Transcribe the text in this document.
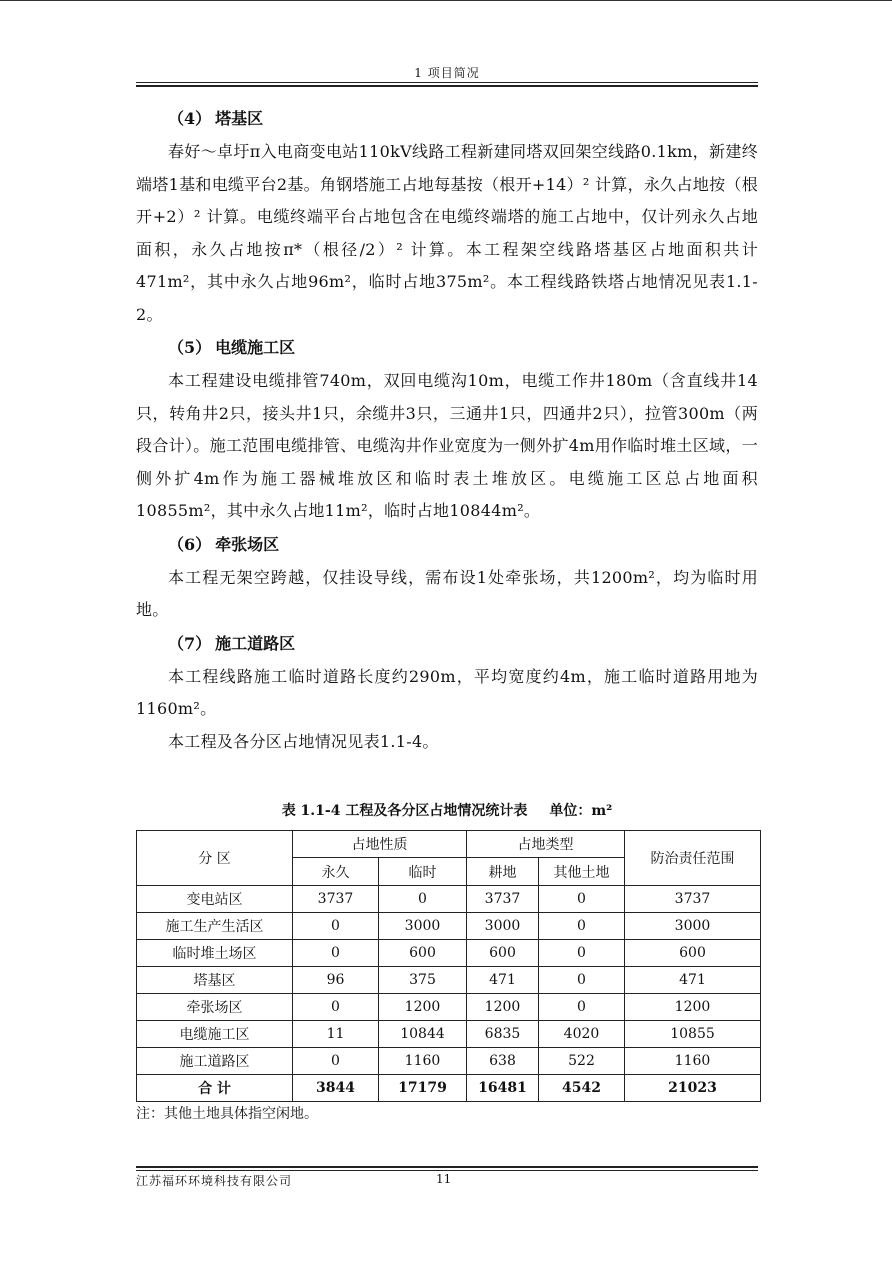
1 项目简况
（4） 塔基区

春好～卓圩π入电商变电站110kV线路工程新建同塔双回架空线路0.1km，新建终端塔1基和电缆平台2基。角钢塔施工占地每基按（根开+14）² 计算，永久占地按（根开+2）² 计算。电缆终端平台占地包含在电缆终端塔的施工占地中，仅计列永久占地面积，永久占地按π*（根径/2）² 计算。本工程架空线路塔基区占地面积共计471m²，其中永久占地96m²，临时占地375m²。本工程线路铁塔占地情况见表1.1-2。

（5） 电缆施工区

本工程建设电缆排管740m，双回电缆沟10m，电缆工作井180m（含直线井14只，转角井2只，接头井1只，余缆井3只，三通井1只，四通井2只），拉管300m（两段合计）。施工范围电缆排管、电缆沟井作业宽度为一侧外扩4m用作临时堆土区域，一侧外扩4m作为施工器械堆放区和临时表土堆放区。电缆施工区总占地面积10855m²，其中永久占地11m²，临时占地10844m²。

（6） 牵张场区

本工程无架空跨越，仅挂设导线，需布设1处牵张场，共1200m²，均为临时用地。

（7） 施工道路区

本工程线路施工临时道路长度约290m，平均宽度约4m，施工临时道路用地为1160m²。

本工程及各分区占地情况见表1.1-4。

表 1.1-4 工程及各分区占地情况统计表 单位：m²
分 区	占地性质		占地类型		防治责任范围
	永久	临时	耕地	其他土地	
变电站区	3737	0	3737	0	3737
施工生产生活区	0	3000	3000	0	3000
临时堆土场区	0	600	600	0	600
塔基区	96	375	471	0	471
牵张场区	0	1200	1200	0	1200
电缆施工区	11	10844	6835	4020	10855
施工道路区	0	1160	638	522	1160
合 计	3844	17179	16481	4542	21023
注：其他土地具体指空闲地。
江苏福环环境科技有限公司	11
